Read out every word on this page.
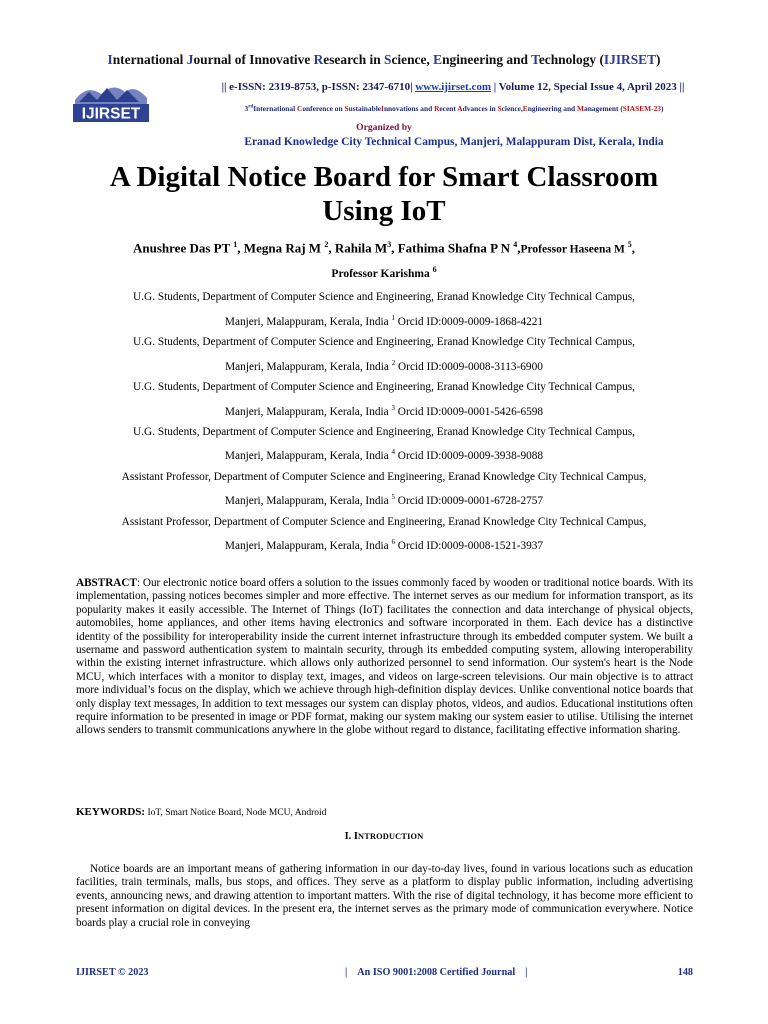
International Journal of Innovative Research in Science, Engineering and Technology (IJIRSET)
IJIRSET
|| e-ISSN: 2319-8753, p-ISSN: 2347-6710| www.ijirset.com | Volume 12, Special Issue 4, April 2023 ||
3rdInternational Conference on SustainableInnovations and Recent Advances in Science,Engineering and Management (SIASEM-23)
Organized by
Eranad Knowledge City Technical Campus, Manjeri, Malappuram Dist, Kerala, India
A Digital Notice Board for Smart Classroom
Using IoT
Anushree Das PT $^1$, Megna Raj M $^2$, Rahila $M^3$, Fathima Shafna P N $^4$,Professor Haseena M $^5$,
Professor Karishma $^6$
U.G. Students, Department of Computer Science and Engineering, Eranad Knowledge City Technical Campus,
Manjeri, Malappuram, Kerala, India $^1$ Orcid ID:0009-0009-1868-4221
U.G. Students, Department of Computer Science and Engineering, Eranad Knowledge City Technical Campus,
Manjeri, Malappuram, Kerala, India $^2$ Orcid ID:0009-0008-3113-6900
U.G. Students, Department of Computer Science and Engineering, Eranad Knowledge City Technical Campus,
Manjeri, Malappuram, Kerala, India $^3$ Orcid ID:0009-0001-5426-6598
U.G. Students, Department of Computer Science and Engineering, Eranad Knowledge City Technical Campus,
Manjeri, Malappuram, Kerala, India $^4$ Orcid ID:0009-0009-3938-9088
Assistant Professor, Department of Computer Science and Engineering, Eranad Knowledge City Technical Campus,
Manjeri, Malappuram, Kerala, India $^5$ Orcid ID:0009-0001-6728-2757
Assistant Professor, Department of Computer Science and Engineering, Eranad Knowledge City Technical Campus,
Manjeri, Malappuram, Kerala, India $^6$ Orcid ID:0009-0008-1521-3937
ABSTRACT: Our electronic notice board offers a solution to the issues commonly faced by wooden or traditional notice boards. With its implementation, passing notices becomes simpler and more effective. The internet serves as our medium for information transport, as its popularity makes it easily accessible. The Internet of Things (IoT) facilitates the connection and data interchange of physical objects, automobiles, home appliances, and other items having electronics and software incorporated in them. Each device has a distinctive identity of the possibility for interoperability inside the current internet infrastructure through its embedded computer system. We built a username and password authentication system to maintain security, through its embedded computing system, allowing interoperability within the existing internet infrastructure. which allows only authorized personnel to send information. Our system's heart is the Node MCU, which interfaces with a monitor to display text, images, and videos on large-screen televisions. Our main objective is to attract more individual’s focus on the display, which we achieve through high-definition display devices. Unlike conventional notice boards that only display text messages, In addition to text messages our system can display photos, videos, and audios. Educational institutions often require information to be presented in image or PDF format, making our system making our system easier to utilise. Utilising the internet allows senders to transmit communications anywhere in the globe without regard to distance, facilitating effective information sharing.
KEYWORDS: IoT, Smart Notice Board, Node MCU, Android
I. INTRODUCTION
Notice boards are an important means of gathering information in our day-to-day lives, found in various locations such as education facilities, train terminals, malls, bus stops, and offices. They serve as a platform to display public information, including advertising events, announcing news, and drawing attention to important matters. With the rise of digital technology, it has become more efficient to present information on digital devices. In the present era, the internet serves as the primary mode of communication everywhere. Notice boards play a crucial role in conveying
IJIRSET © 2023	| An ISO 9001:2008 Certified Journal |	148
